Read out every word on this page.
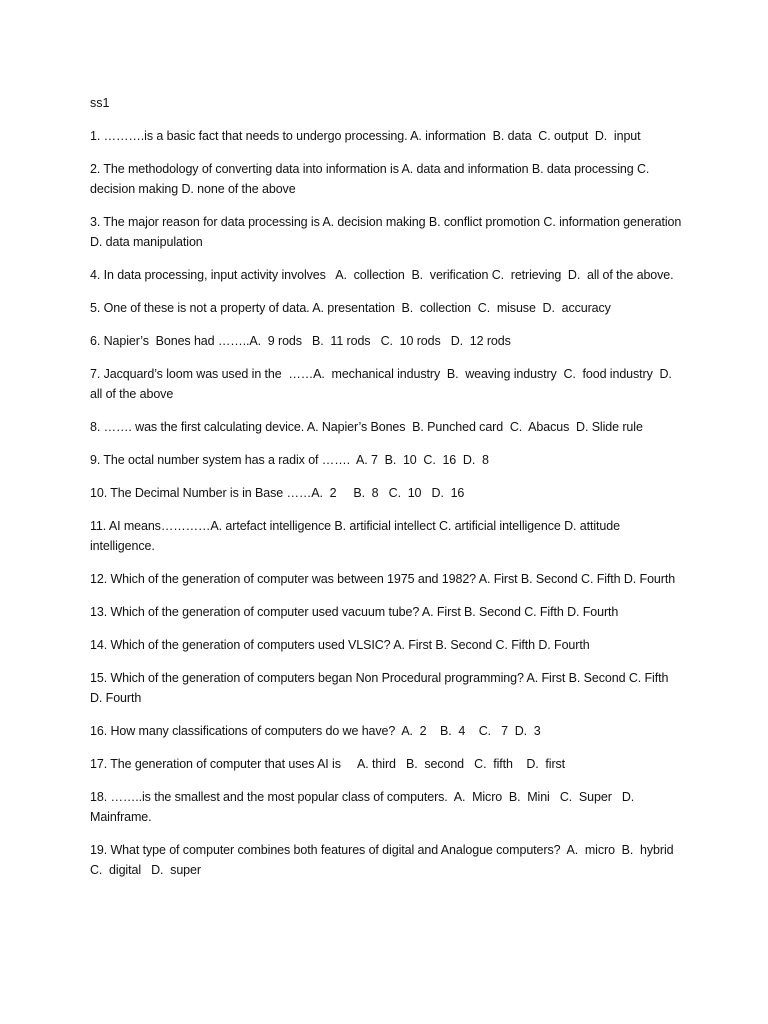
ss1
1. ……….is a basic fact that needs to undergo processing. A. information  B. data  C. output  D.  input
2. The methodology of converting data into information is A. data and information B. data processing C. decision making D. none of the above
3. The major reason for data processing is A. decision making B. conflict promotion C. information generation D. data manipulation
4. In data processing, input activity involves   A.  collection  B.  verification C.  retrieving  D.  all of the above.
5. One of these is not a property of data. A. presentation  B.  collection  C.  misuse  D.  accuracy
6. Napier’s  Bones had ……..A.  9 rods   B.  11 rods   C.  10 rods   D.  12 rods
7. Jacquard’s loom was used in the  ……A.  mechanical industry  B.  weaving industry  C.  food industry  D.  all of the above
8. ……. was the first calculating device. A. Napier’s Bones  B. Punched card  C.  Abacus  D. Slide rule
9. The octal number system has a radix of …….  A. 7  B.  10  C.  16  D.  8
10. The Decimal Number is in Base ……A.  2     B.  8   C.  10   D.  16
11. AI means…………A. artefact intelligence B. artificial intellect C. artificial intelligence D. attitude intelligence.
12. Which of the generation of computer was between 1975 and 1982? A. First B. Second C. Fifth D. Fourth
13. Which of the generation of computer used vacuum tube? A. First B. Second C. Fifth D. Fourth
14. Which of the generation of computers used VLSIC? A. First B. Second C. Fifth D. Fourth
15. Which of the generation of computers began Non Procedural programming? A. First B. Second C. Fifth D. Fourth
16. How many classifications of computers do we have?  A.  2    B.  4    C.   7  D.  3
17. The generation of computer that uses AI is     A. third   B.  second   C.  fifth    D.  first
18. ……..is the smallest and the most popular class of computers.  A.  Micro  B.  Mini   C.  Super   D.  Mainframe.
19. What type of computer combines both features of digital and Analogue computers?  A.  micro  B.  hybrid   C.  digital   D.  super
